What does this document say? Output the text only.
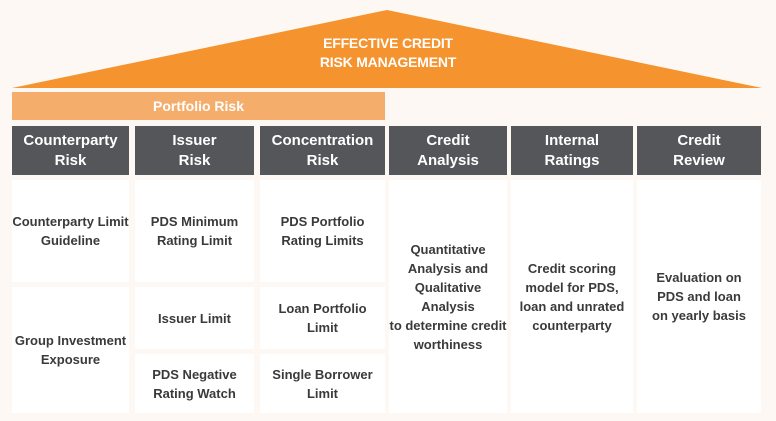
EFFECTIVE CREDIT
RISK MANAGEMENT
Portfolio Risk
Counterparty
Risk
Issuer
Risk
Concentration
Risk
Credit
Analysis
Internal
Ratings
Credit
Review
Counterparty Limit
Guideline
Group Investment
Exposure
PDS Minimum
Rating Limit
Issuer Limit
PDS Negative
Rating Watch
PDS Portfolio
Rating Limits
Loan Portfolio
Limit
Single Borrower
Limit
Quantitative
Analysis and
Qualitative Analysis
to determine credit
worthiness
Credit scoring
model for PDS,
loan and unrated
counterparty
Evaluation on
PDS and loan
on yearly basis
